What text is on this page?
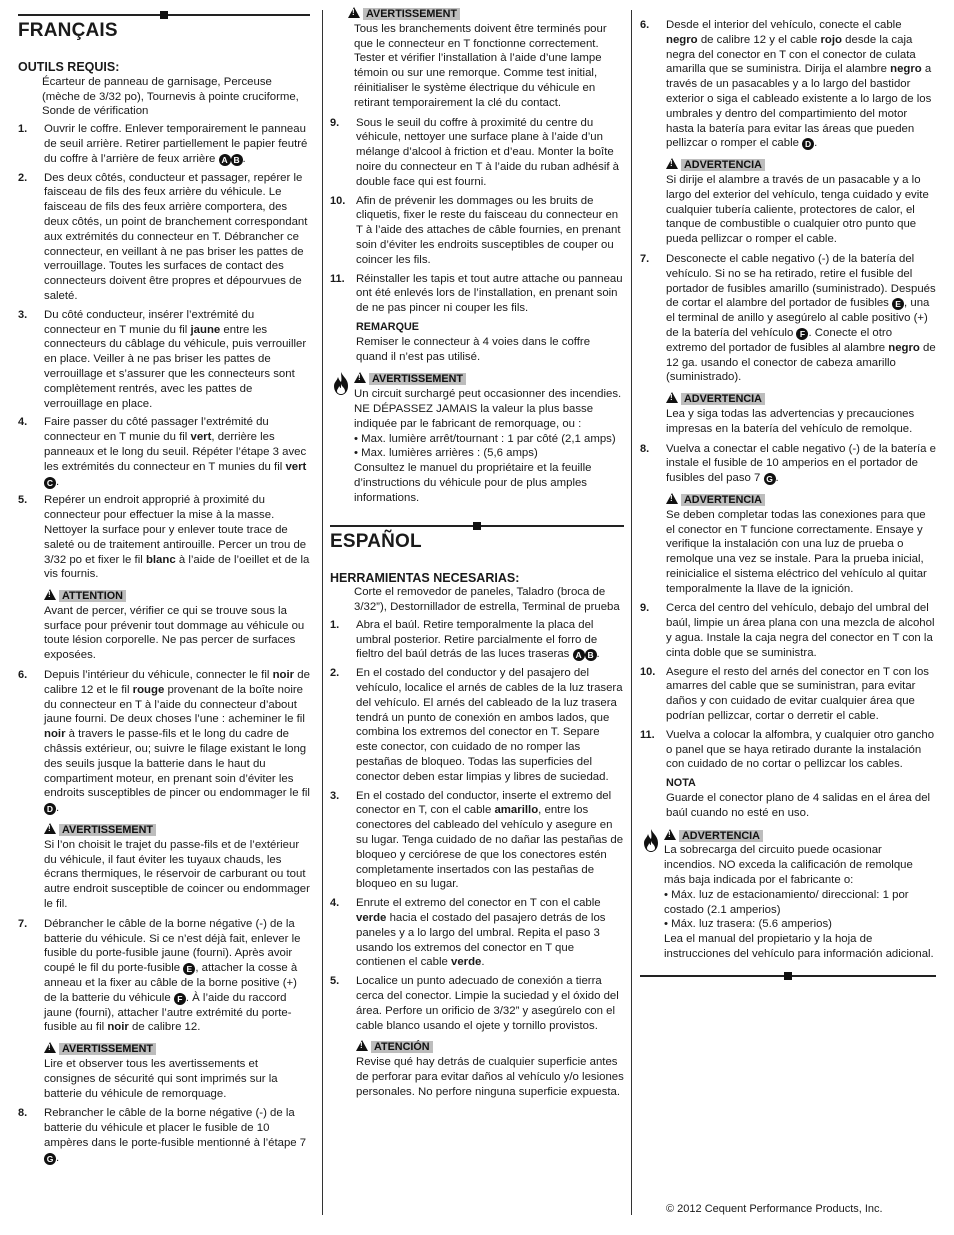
FRANÇAIS
OUTILS REQUIS:
Écarteur de panneau de garnisage, Perceuse (mèche de 3/32 po), Tournevis à pointe cruciforme, Sonde de vérification
1. Ouvrir le coffre. Enlever temporairement le panneau de seuil arrière. Retirer partiellement le papier feutré du coffre à l’arrière de feux arrière A B .
2. Des deux côtés, conducteur et passager, repérer le faisceau de fils des feux arrière du véhicule. Le faisceau de fils des feux arrière comportera, des deux côtés, un point de branchement correspondant aux extrémités du connecteur en T. Débrancher ce connecteur, en veillant à ne pas briser les pattes de verrouillage. Toutes les surfaces de contact des connecteurs doivent être propres et dépourvues de saleté.
3. Du côté conducteur, insérer l’extrémité du connecteur en T munie du fil jaune entre les connecteurs du câblage du véhicule, puis verrouiller en place. Veiller à ne pas briser les pattes de verrouillage et s’assurer que les connecteurs sont complètement rentrés, avec les pattes de verrouillage en place.
4. Faire passer du côté passager l’extrémité du connecteur en T munie du fil vert, derrière les panneaux et le long du seuil. Répéter l’étape 3 avec les extrémités du connecteur en T munies du fil vert C .
5. Repérer un endroit approprié à proximité du connecteur pour effectuer la mise à la masse. Nettoyer la surface pour y enlever toute trace de saleté ou de traitement antirouille. Percer un trou de 3/32 po et fixer le fil blanc à l’aide de l’oeillet et de la vis fournis.
!ATTENTION
Avant de percer, vérifier ce qui se trouve sous la surface pour prévenir tout dommage au véhicule ou toute lésion corporelle. Ne pas percer de surfaces exposées.
6. Depuis l’intérieur du véhicule, connecter le fil noir de calibre 12 et le fil rouge provenant de la boîte noire du connecteur en T à l’aide du connecteur d’about jaune fourni. De deux choses l’une : acheminer le fil noir à travers le passe-fils et le long du cadre de châssis extérieur, ou; suivre le filage existant le long des seuils jusque la batterie dans le haut du compartiment moteur, en prenant soin d’éviter les endroits susceptibles de pincer ou endommager le fil D .
!AVERTISSEMENT
Si l’on choisit le trajet du passe-fils et de l’extérieur du véhicule, il faut éviter les tuyaux chauds, les écrans thermiques, le réservoir de carburant ou tout autre endroit susceptible de coincer ou endommager le fil.
7. Débrancher le câble de la borne négative (-) de la batterie du véhicule. Si ce n’est déjà fait, enlever le fusible du porte-fusible jaune (fourni). Après avoir coupé le fil du porte-fusible E , attacher la cosse à anneau et la fixer au câble de la borne positive (+) de la batterie du véhicule F . À l’aide du raccord jaune (fourni), attacher l’autre extrémité du porte-fusible au fil noir de calibre 12.
!AVERTISSEMENT
Lire et observer tous les avertissements et consignes de sécurité qui sont imprimés sur la batterie du véhicule de remorquage.
8. Rebrancher le câble de la borne négative (-) de la batterie du véhicule et placer le fusible de 10 ampères dans le porte-fusible mentionné à l’étape 7 G .
!AVERTISSEMENT
Tous les branchements doivent être terminés pour que le connecteur en T fonctionne correctement. Tester et vérifier l’installation à l’aide d’une lampe témoin ou sur une remorque. Comme test initial, réinitialiser le système électrique du véhicule en retirant temporairement la clé du contact.
9. Sous le seuil du coffre à proximité du centre du véhicule, nettoyer une surface plane à l’aide d’un mélange d’alcool à friction et d’eau. Monter la boîte noire du connecteur en T à l’aide du ruban adhésif à double face qui est fourni.
10. Afin de prévenir les dommages ou les bruits de cliquetis, fixer le reste du faisceau du connecteur en T à l’aide des attaches de câble fournies, en prenant soin d’éviter les endroits susceptibles de couper ou coincer les fils.
11. Réinstaller les tapis et tout autre attache ou panneau ont été enlevés lors de l’installation, en prenant soin de ne pas pincer ni couper les fils.
REMARQUE
Remiser le connecteur à 4 voies dans le coffre quand il n’est pas utilisé.
!AVERTISSEMENT
Un circuit surchargé peut occasionner des incendies. NE DÉPASSEZ JAMAIS la valeur la plus basse indiquée par le fabricant de remorquage, ou :
• Max. lumière arrêt/tournant : 1 par côté (2,1 amps)
• Max. lumières arrières : (5,6 amps)
Consultez le manuel du propriétaire et la feuille d’instructions du véhicule pour de plus amples informations.
ESPAÑOL
HERRAMIENTAS NECESARIAS:
Corte el removedor de paneles, Taladro (broca de 3/32”), Destornillador de estrella, Terminal de prueba
1. Abra el baúl. Retire temporalmente la placa del umbral posterior. Retire parcialmente el forro de fieltro del baúl detrás de las luces traseras A B .
2. En el costado del conductor y del pasajero del vehículo, localice el arnés de cables de la luz trasera del vehículo. El arnés del cableado de la luz trasera tendrá un punto de conexión en ambos lados, que combina los extremos del conector en T. Separe este conector, con cuidado de no romper las pestañas de bloqueo. Todas las superficies del conector deben estar limpias y libres de suciedad.
3. En el costado del conductor, inserte el extremo del conector en T, con el cable amarillo, entre los conectores del cableado del vehículo y asegure en su lugar. Tenga cuidado de no dañar las pestañas de bloqueo y cerciórese de que los conectores estén completamente insertados con las pestañas de bloqueo en su lugar.
4. Enrute el extremo del conector en T con el cable verde hacia el costado del pasajero detrás de los paneles y a lo largo del umbral. Repita el paso 3 usando los extremos del conector en T que contienen el cable verde.
5. Localice un punto adecuado de conexión a tierra cerca del conector. Limpie la suciedad y el óxido del área. Perfore un orificio de 3/32” y asegúrelo con el cable blanco usando el ojete y tornillo provistos.
!ATENCIÓN
Revise qué hay detrás de cualquier superficie antes de perforar para evitar daños al vehículo y/o lesiones personales. No perfore ninguna superficie expuesta.
6. Desde el interior del vehículo, conecte el cable negro de calibre 12 y el cable rojo desde la caja negra del conector en T con el conector de culata amarilla que se suministra. Dirija el alambre negro a través de un pasacables y a lo largo del bastidor exterior o siga el cableado existente a lo largo de los umbrales y dentro del compartimiento del motor hasta la batería para evitar las áreas que pueden pellizcar o romper el cable D .
!ADVERTENCIA
Si dirije el alambre a través de un pasacable y a lo largo del exterior del vehículo, tenga cuidado y evite cualquier tubería caliente, protectores de calor, el tanque de combustible o cualquier otro punto que pueda pellizcar o romper el cable.
7. Desconecte el cable negativo (-) de la batería del vehículo. Si no se ha retirado, retire el fusible del portador de fusibles amarillo (suministrado). Después de cortar el alambre del portador de fusibles E , una el terminal de anillo y asegúrelo al cable positivo (+) de la batería del vehículo F . Conecte el otro extremo del portador de fusibles al alambre negro de 12 ga. usando el conector de cabeza amarillo (suministrado).
!ADVERTENCIA
Lea y siga todas las advertencias y precauciones impresas en la batería del vehículo de remolque.
8. Vuelva a conectar el cable negativo (-) de la batería e instale el fusible de 10 amperios en el portador de fusibles del paso 7 G .
!ADVERTENCIA
Se deben completar todas las conexiones para que el conector en T funcione correctamente. Ensaye y verifique la instalación con una luz de prueba o remolque una vez se instale. Para la prueba inicial, reinicialice el sistema eléctrico del vehículo al quitar temporalmente la llave de la ignición.
9. Cerca del centro del vehículo, debajo del umbral del baúl, limpie un área plana con una mezcla de alcohol y agua. Instale la caja negra del conector en T con la cinta doble que se suministra.
10. Asegure el resto del arnés del conector en T con los amarres del cable que se suministran, para evitar daños y con cuidado de evitar cualquier área que podrían pellizcar, cortar o derretir el cable.
11. Vuelva a colocar la alfombra, y cualquier otro gancho o panel que se haya retirado durante la instalación con cuidado de no cortar o pellizcar los cables.
NOTA
Guarde el conector plano de 4 salidas en el área del baúl cuando no esté en uso.
!ADVERTENCIA
La sobrecarga del circuito puede ocasionar incendios. NO exceda la calificación de remolque más baja indicada por el fabricante o:
• Máx. luz de estacionamiento/ direccional: 1 por costado (2.1 amperios)
• Máx. luz trasera: (5.6 amperios)
Lea el manual del propietario y la hoja de instrucciones del vehículo para información adicional.
© 2012 Cequent Performance Products, Inc.
